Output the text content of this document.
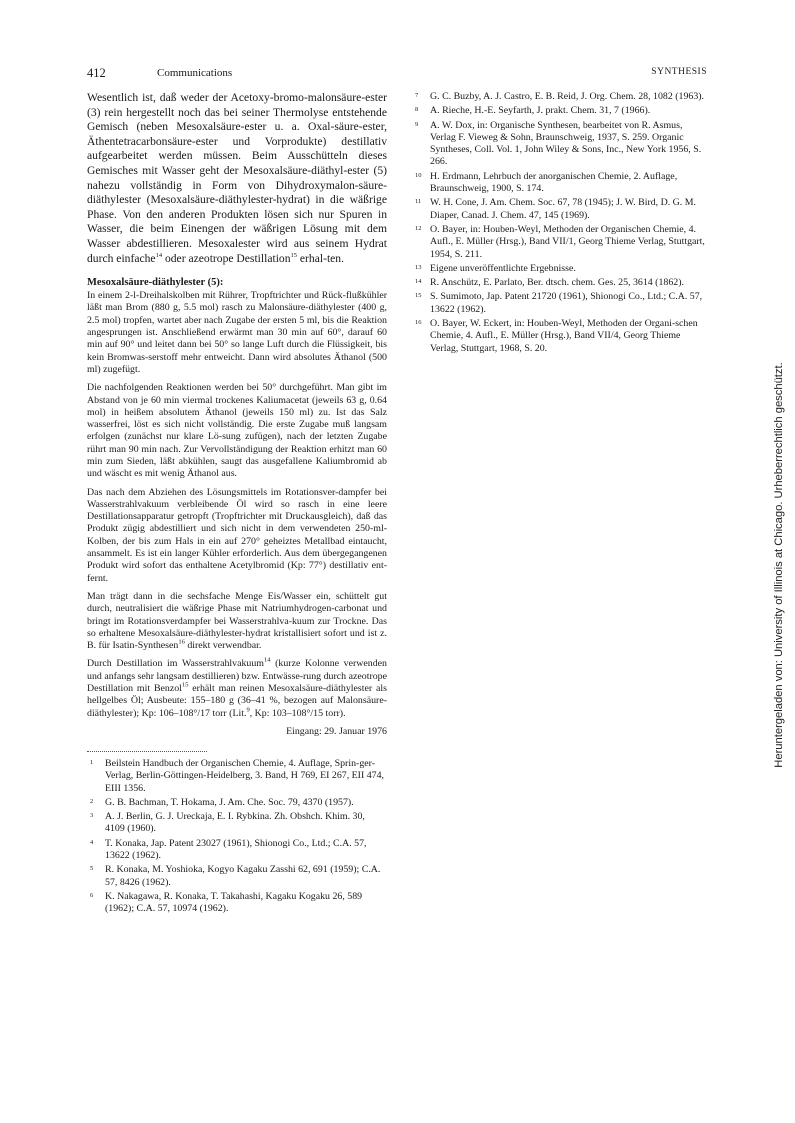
412	Communications	SYNTHESIS

Wesentlich ist, daß weder der Acetoxy-bromo-malonsäure-ester (3) rein hergestellt noch das bei seiner Thermolyse entstehende Gemisch (neben Mesoxalsäure-ester u. a. Oxal-säure-ester, Äthentetracarbonsäure-ester und Vorprodukte) destillativ aufgearbeitet werden müssen. Beim Ausschütteln dieses Gemisches mit Wasser geht der Mesoxalsäure-diäthyl-ester (5) nahezu vollständig in Form von Dihydroxymalon-säure-diäthylester (Mesoxalsäure-diäthylester-hydrat) in die wäßrige Phase. Von den anderen Produkten lösen sich nur Spuren in Wasser, die beim Einengen der wäßrigen Lösung mit dem Wasser abdestillieren. Mesoxalester wird aus seinem Hydrat durch einfache$^{14}$ oder azeotrope Destillation$^{15}$ erhal-ten.

Mesoxalsäure-diäthylester (5):

In einem 2-l-Dreihalskolben mit Rührer, Tropftrichter und Rück-flußkühler läßt man Brom (880 g, 5.5 mol) rasch zu Malonsäure-diäthylester (400 g, 2.5 mol) tropfen, wartet aber nach Zugabe der ersten 5 ml, bis die Reaktion angesprungen ist. Anschließend erwärmt man 30 min auf 60°, darauf 60 min auf 90° und leitet dann bei 50° so lange Luft durch die Flüssigkeit, bis kein Bromwas-serstoff mehr entweicht. Dann wird absolutes Äthanol (500 ml) zugefügt.

Die nachfolgenden Reaktionen werden bei 50° durchgeführt. Man gibt im Abstand von je 60 min viermal trockenes Kaliumacetat (jeweils 63 g, 0.64 mol) in heißem absolutem Äthanol (jeweils 150 ml) zu. Ist das Salz wasserfrei, löst es sich nicht vollständig. Die erste Zugabe muß langsam erfolgen (zunächst nur klare Lö-sung zufügen), nach der letzten Zugabe rührt man 90 min nach. Zur Vervollständigung der Reaktion erhitzt man 60 min zum Sieden, läßt abkühlen, saugt das ausgefallene Kaliumbromid ab und wäscht es mit wenig Äthanol aus.

Das nach dem Abziehen des Lösungsmittels im Rotationsver-dampfer bei Wasserstrahlvakuum verbleibende Öl wird so rasch in eine leere Destillationsapparatur getropft (Tropftrichter mit Druckausgleich), daß das Produkt zügig abdestilliert und sich nicht in dem verwendeten 250-ml-Kolben, der bis zum Hals in ein auf 270° geheiztes Metallbad eintaucht, ansammelt. Es ist ein langer Kühler erforderlich. Aus dem übergegangenen Produkt wird sofort das enthaltene Acetylbromid (Kp: 77°) destillativ ent-fernt.

Man trägt dann in die sechsfache Menge Eis/Wasser ein, schüttelt gut durch, neutralisiert die wäßrige Phase mit Natriumhydrogen-carbonat und bringt im Rotationsverdampfer bei Wasserstrahlva-kuum zur Trockne. Das so erhaltene Mesoxalsäure-diäthylester-hydrat kristallisiert sofort und ist z. B. für Isatin-Synthesen$^{16}$ direkt verwendbar.

Durch Destillation im Wasserstrahlvakuum$^{14}$ (kurze Kolonne verwenden und anfangs sehr langsam destillieren) bzw. Entwässe-rung durch azeotrope Destillation mit Benzol$^{15}$ erhält man reinen Mesoxalsäure-diäthylester als hellgelbes Öl; Ausbeute: 155–180 g (36–41 %, bezogen auf Malonsäure-diäthylester); Kp: 106–108°/17 torr (Lit.$^9$, Kp: 103–108°/15 torr).

Eingang: 29. Januar 1976
1 Beilstein Handbuch der Organischen Chemie, 4. Auflage, Sprin-ger-Verlag, Berlin-Göttingen-Heidelberg, 3. Band, H 769, EI 267, EII 474, EIII 1356.
2 G. B. Bachman, T. Hokama, J. Am. Che. Soc. 79, 4370 (1957).
3 A. J. Berlin, G. J. Ureckaja, E. I. Rybkina. Zh. Obshch. Khim. 30, 4109 (1960).
4 T. Konaka, Jap. Patent 23027 (1961), Shionogi Co., Ltd.; C.A. 57, 13622 (1962).
5 R. Konaka, M. Yoshioka, Kogyo Kagaku Zasshi 62, 691 (1959); C.A. 57, 8426 (1962).
6 K. Nakagawa, R. Konaka, T. Takahashi, Kagaku Kogaku 26, 589 (1962); C.A. 57, 10974 (1962).
7 G. C. Buzby, A. J. Castro, E. B. Reid, J. Org. Chem. 28, 1082 (1963).
8 A. Rieche, H.-E. Seyfarth, J. prakt. Chem. 31, 7 (1966).
9 A. W. Dox, in: Organische Synthesen, bearbeitet von R. Asmus, Verlag F. Vieweg & Sohn, Braunschweig, 1937, S. 259. Organic Syntheses, Coll. Vol. 1, John Wiley & Sons, Inc., New York 1956, S. 266.
10 H. Erdmann, Lehrbuch der anorganischen Chemie, 2. Auflage, Braunschweig, 1900, S. 174.
11 W. H. Cone, J. Am. Chem. Soc. 67, 78 (1945); J. W. Bird, D. G. M. Diaper, Canad. J. Chem. 47, 145 (1969).
12 O. Bayer, in: Houben-Weyl, Methoden der Organischen Chemie, 4. Aufl., E. Müller (Hrsg.), Band VII/1, Georg Thieme Verlag, Stuttgart, 1954, S. 211.
13 Eigene unveröffentlichte Ergebnisse.
14 R. Anschütz, E. Parlato, Ber. dtsch. chem. Ges. 25, 3614 (1862).
15 S. Sumimoto, Jap. Patent 21720 (1961), Shionogi Co., Ltd.; C.A. 57, 13622 (1962).
16 O. Bayer, W. Eckert, in: Houben-Weyl, Methoden der Organi-schen Chemie, 4. Aufl., E. Müller (Hrsg.), Band VII/4, Georg Thieme Verlag, Stuttgart, 1968, S. 20.
Heruntergeladen von: University of Illinois at Chicago. Urheberrechtlich geschützt.
